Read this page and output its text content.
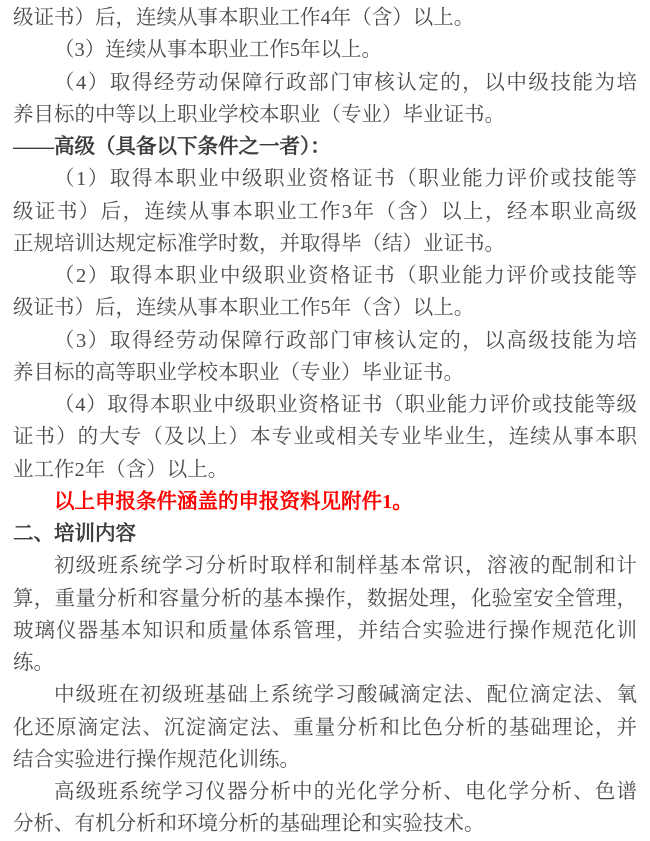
级证书）后，连续从事本职业工作4年（含）以上。
（3）连续从事本职业工作5年以上。
（4）取得经劳动保障行政部门审核认定的，以中级技能为培
养目标的中等以上职业学校本职业（专业）毕业证书。
——高级（具备以下条件之一者）：
（1）取得本职业中级职业资格证书（职业能力评价或技能等
级证书）后，连续从事本职业工作3年（含）以上，经本职业高级
正规培训达规定标准学时数，并取得毕（结）业证书。
（2）取得本职业中级职业资格证书（职业能力评价或技能等
级证书）后，连续从事本职业工作5年（含）以上。
（3）取得经劳动保障行政部门审核认定的，以高级技能为培
养目标的高等职业学校本职业（专业）毕业证书。
（4）取得本职业中级职业资格证书（职业能力评价或技能等级
证书）的大专（及以上）本专业或相关专业毕业生，连续从事本职
业工作2年（含）以上。
以上申报条件涵盖的申报资料见附件1。
二、培训内容
初级班系统学习分析时取样和制样基本常识，溶液的配制和计
算，重量分析和容量分析的基本操作，数据处理，化验室安全管理，
玻璃仪器基本知识和质量体系管理，并结合实验进行操作规范化训
练。
中级班在初级班基础上系统学习酸碱滴定法、配位滴定法、氧
化还原滴定法、沉淀滴定法、重量分析和比色分析的基础理论，并
结合实验进行操作规范化训练。
高级班系统学习仪器分析中的光化学分析、电化学分析、色谱
分析、有机分析和环境分析的基础理论和实验技术。
